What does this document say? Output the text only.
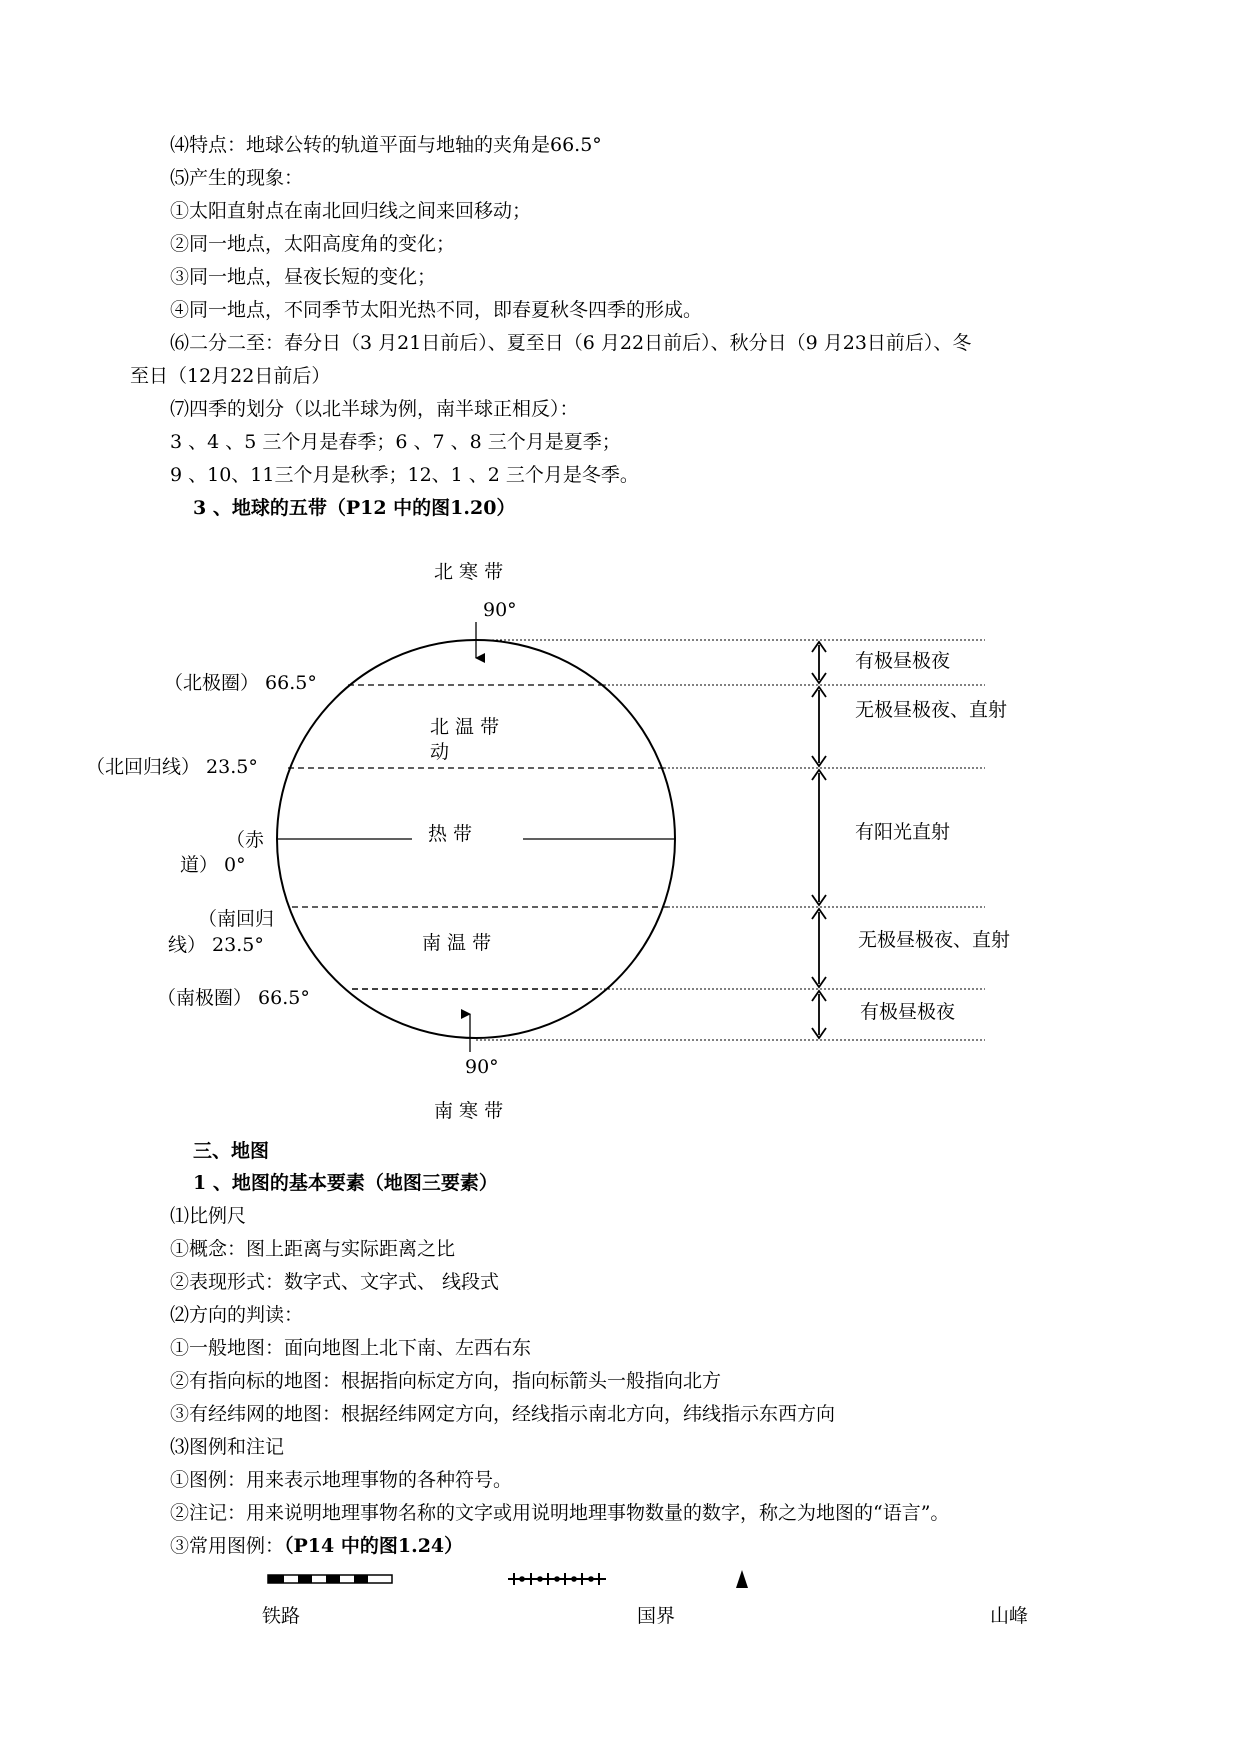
⑷特点：地球公转的轨道平面与地轴的夹角是66.5°
⑸产生的现象：
①太阳直射点在南北回归线之间来回移动；
②同一地点，太阳高度角的变化；
③同一地点，昼夜长短的变化；
④同一地点，不同季节太阳光热不同，即春夏秋冬四季的形成。
⑹二分二至：春分日（3 月21日前后）、夏至日（6 月22日前后）、秋分日（9 月23日前后）、冬
至日（12月22日前后）
⑺四季的划分（以北半球为例，南半球正相反）：
3 、4 、5 三个月是春季；6 、7 、8 三个月是夏季；
9 、10、11三个月是秋季；12、1 、2 三个月是冬季。
3 、地球的五带（P12 中的图1.20）
北 寒 带
90°
（北极圈） 66.5°
北 温 带
动
（北回归线） 23.5°
（赤
道） 0°
热 带
（南回归
线） 23.5°	南 温 带
（南极圈） 66.5°
90°
南 寒 带
有极昼极夜
无极昼极夜、直射
有阳光直射
无极昼极夜、直射
有极昼极夜
三、地图
1 、地图的基本要素（地图三要素）
⑴比例尺
①概念：图上距离与实际距离之比
②表现形式：数字式、文字式、 线段式
⑵方向的判读：
①一般地图：面向地图上北下南、左西右东
②有指向标的地图：根据指向标定方向，指向标箭头一般指向北方
③有经纬网的地图：根据经纬网定方向，经线指示南北方向，纬线指示东西方向
⑶图例和注记
①图例：用来表示地理事物的各种符号。
②注记：用来说明地理事物名称的文字或用说明地理事物数量的数字，称之为地图的“语言”。
③常用图例：（P14 中的图1.24）
铁路	国界	山峰
